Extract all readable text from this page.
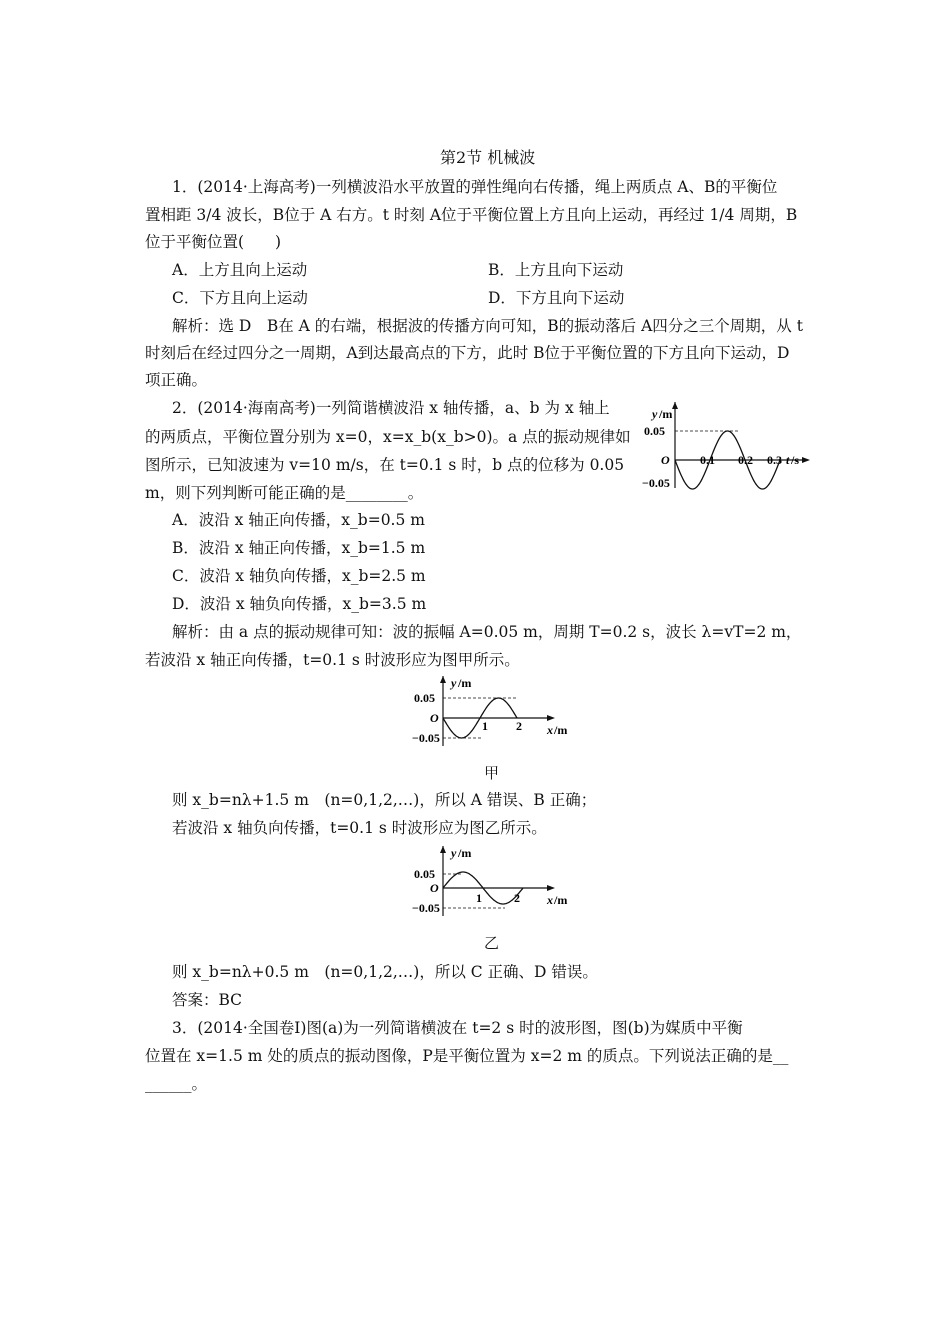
第2节 机械波
1．(2014·上海高考)一列横波沿水平放置的弹性绳向右传播，绳上两质点 A、B的平衡位
置相距 3/4 波长，B位于 A 右方。t 时刻 A位于平衡位置上方且向上运动，再经过 1/4 周期，B
位于平衡位置(　　)
A．上方且向上运动	B．上方且向下运动
C．下方且向上运动	D．下方且向下运动
解析：选 D　B在 A 的右端，根据波的传播方向可知，B的振动落后 A四分之三个周期，从 t
时刻后在经过四分之一周期，A到达最高点的下方，此时 B位于平衡位置的下方且向下运动，D
项正确。
2．(2014·海南高考)一列简谐横波沿 x 轴传播，a、b 为 x 轴上
的两质点，平衡位置分别为 x=0，x=x_b(x_b>0)。a 点的振动规律如
图所示，已知波速为 v=10 m/s，在 t=0.1 s 时，b 点的位移为 0.05
m，则下列判断可能正确的是________。
y /m
0.05
−0.05
O	0.1 0.2 0.3 t /s
A．波沿 x 轴正向传播，x_b=0.5 m
B．波沿 x 轴正向传播，x_b=1.5 m
C．波沿 x 轴负向传播，x_b=2.5 m
D．波沿 x 轴负向传播，x_b=3.5 m
解析：由 a 点的振动规律可知：波的振幅 A=0.05 m，周期 T=0.2 s，波长 λ=vT=2 m，
若波沿 x 轴正向传播，t=0.1 s 时波形应为图甲所示。
y /m
0.05
−0.05
O
1 2 x /m
甲
则 x_b=nλ+1.5 m　(n=0,1,2,…)，所以 A 错误、B 正确；
若波沿 x 轴负向传播，t=0.1 s 时波形应为图乙所示。
y /m
0.05
−0.05
O
1	2 x /m
乙
则 x_b=nλ+0.5 m　(n=0,1,2,…)，所以 C 正确、D 错误。
答案：BC
3．(2014·全国卷Ⅰ)图(a)为一列简谐横波在 t=2 s 时的波形图，图(b)为媒质中平衡
位置在 x=1.5 m 处的质点的振动图像，P是平衡位置为 x=2 m 的质点。下列说法正确的是__
______。
